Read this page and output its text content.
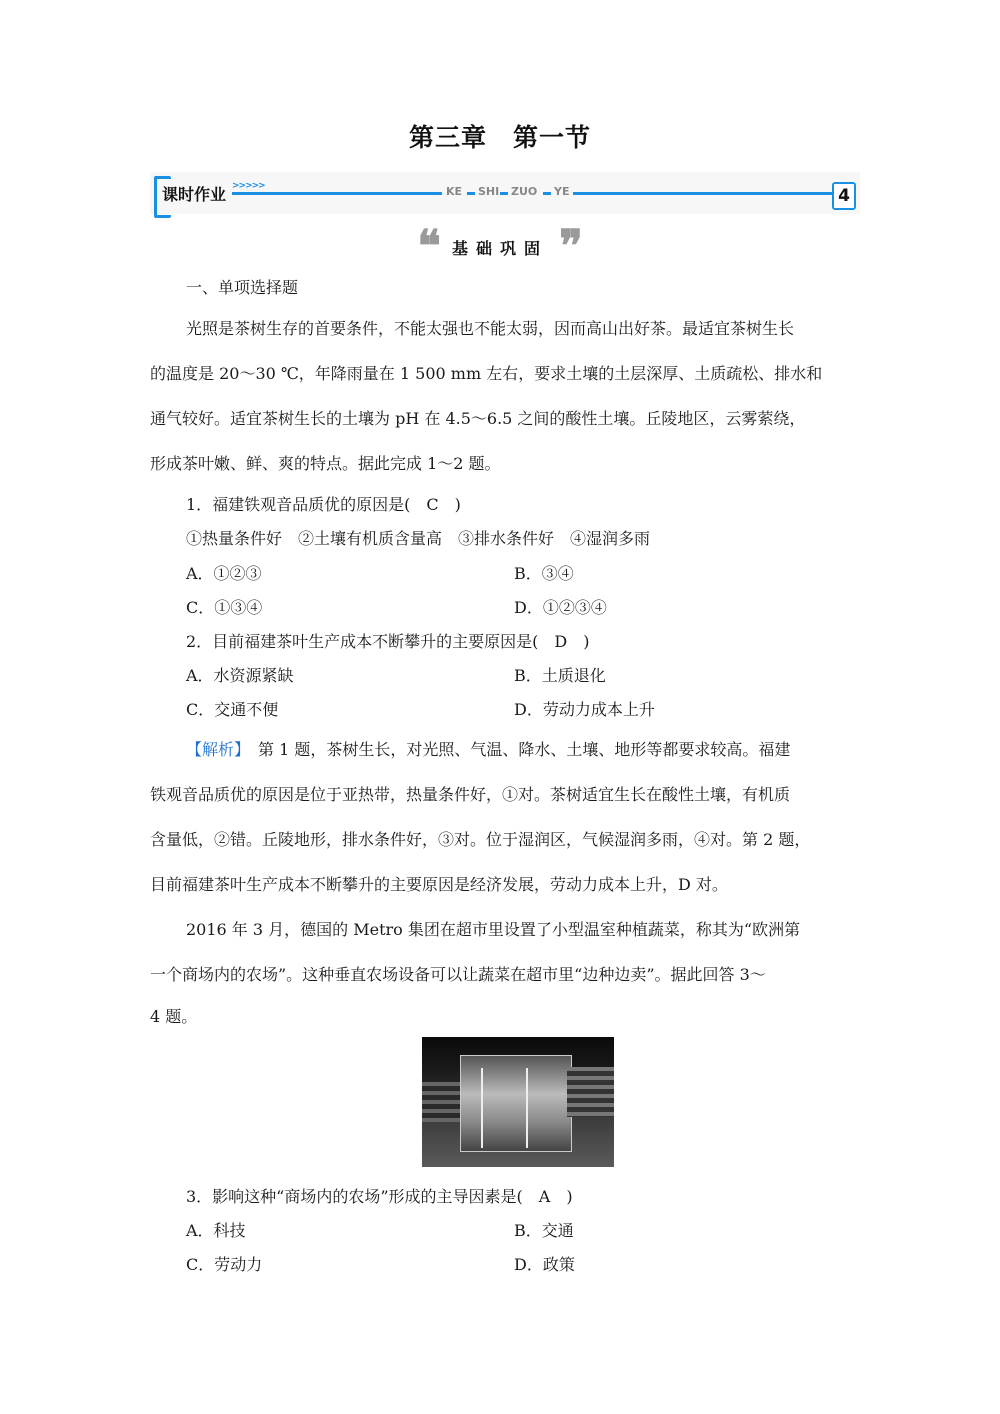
第三章　第一节
课时作业 >>>>>	KE SHI ZUO YE	4
❝ 基础巩固 ❞
一、单项选择题
光照是茶树生存的首要条件，不能太强也不能太弱，因而高山出好茶。最适宜茶树生长
的温度是 20～30 ℃，年降雨量在 1 500 mm 左右，要求土壤的土层深厚、土质疏松、排水和
通气较好。适宜茶树生长的土壤为 pH 在 4.5～6.5 之间的酸性土壤。丘陵地区，云雾萦绕，
形成茶叶嫩、鲜、爽的特点。据此完成 1～2 题。
1．福建铁观音品质优的原因是(　C　)
①热量条件好　②土壤有机质含量高　③排水条件好　④湿润多雨
A．①②③	B．③④
C．①③④	D．①②③④
2．目前福建茶叶生产成本不断攀升的主要原因是(　D　)
A．水资源紧缺	B．土质退化
C．交通不便	D．劳动力成本上升
【解析】　第 1 题，茶树生长，对光照、气温、降水、土壤、地形等都要求较高。福建
铁观音品质优的原因是位于亚热带，热量条件好，①对。茶树适宜生长在酸性土壤，有机质
含量低，②错。丘陵地形，排水条件好，③对。位于湿润区，气候湿润多雨，④对。第 2 题，
目前福建茶叶生产成本不断攀升的主要原因是经济发展，劳动力成本上升，D 对。
2016 年 3 月，德国的 Metro 集团在超市里设置了小型温室种植蔬菜，称其为“欧洲第
一个商场内的农场”。这种垂直农场设备可以让蔬菜在超市里“边种边卖”。据此回答 3～
4 题。
3．影响这种“商场内的农场”形成的主导因素是(　A　)
A．科技	B．交通
C．劳动力	D．政策
